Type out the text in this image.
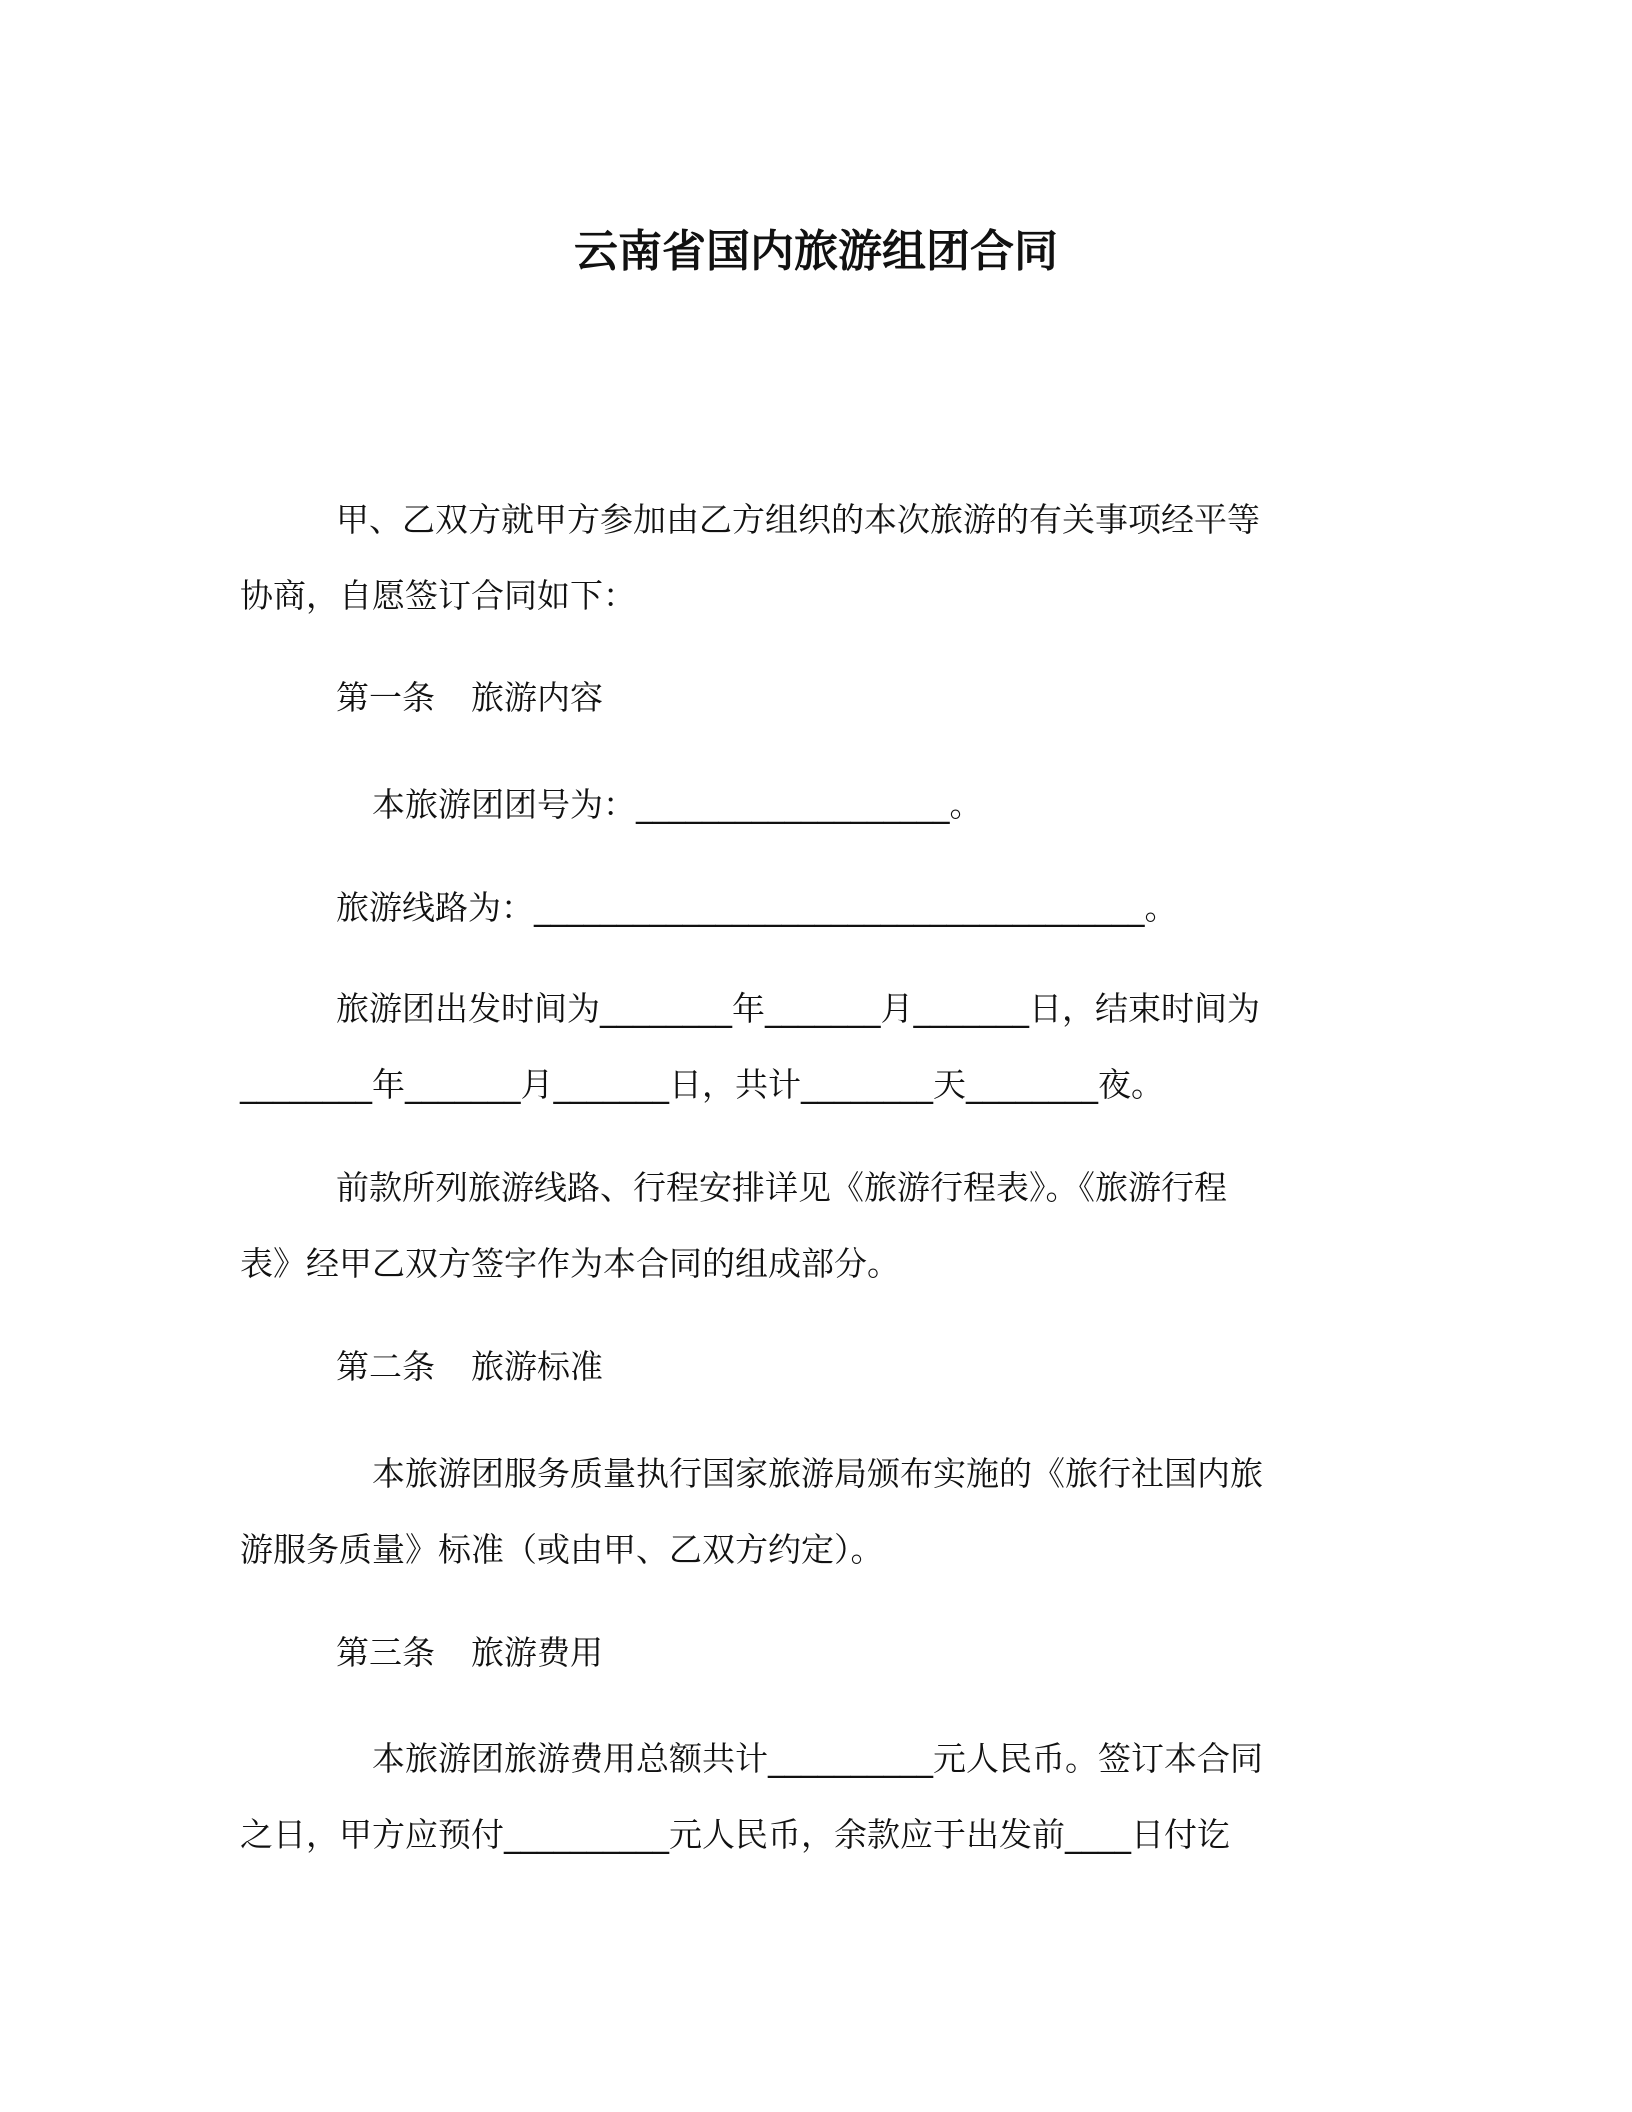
云南省国内旅游组团合同
甲、乙双方就甲方参加由乙方组织的本次旅游的有关事项经平等
协商，自愿签订合同如下：
第一条 旅游内容
本旅游团团号为：___________________。
旅游线路为：_____________________________________。
旅游团出发时间为________年_______月_______日，结束时间为
________年_______月_______日，共计________天________夜。
前款所列旅游线路、行程安排详见《旅游行程表》。《旅游行程
表》经甲乙双方签字作为本合同的组成部分。
第二条 旅游标准
本旅游团服务质量执行国家旅游局颁布实施的《旅行社国内旅
游服务质量》标准（或由甲、乙双方约定）。
第三条 旅游费用
本旅游团旅游费用总额共计__________元人民币。签订本合同
之日，甲方应预付__________元人民币，余款应于出发前____日付讫
